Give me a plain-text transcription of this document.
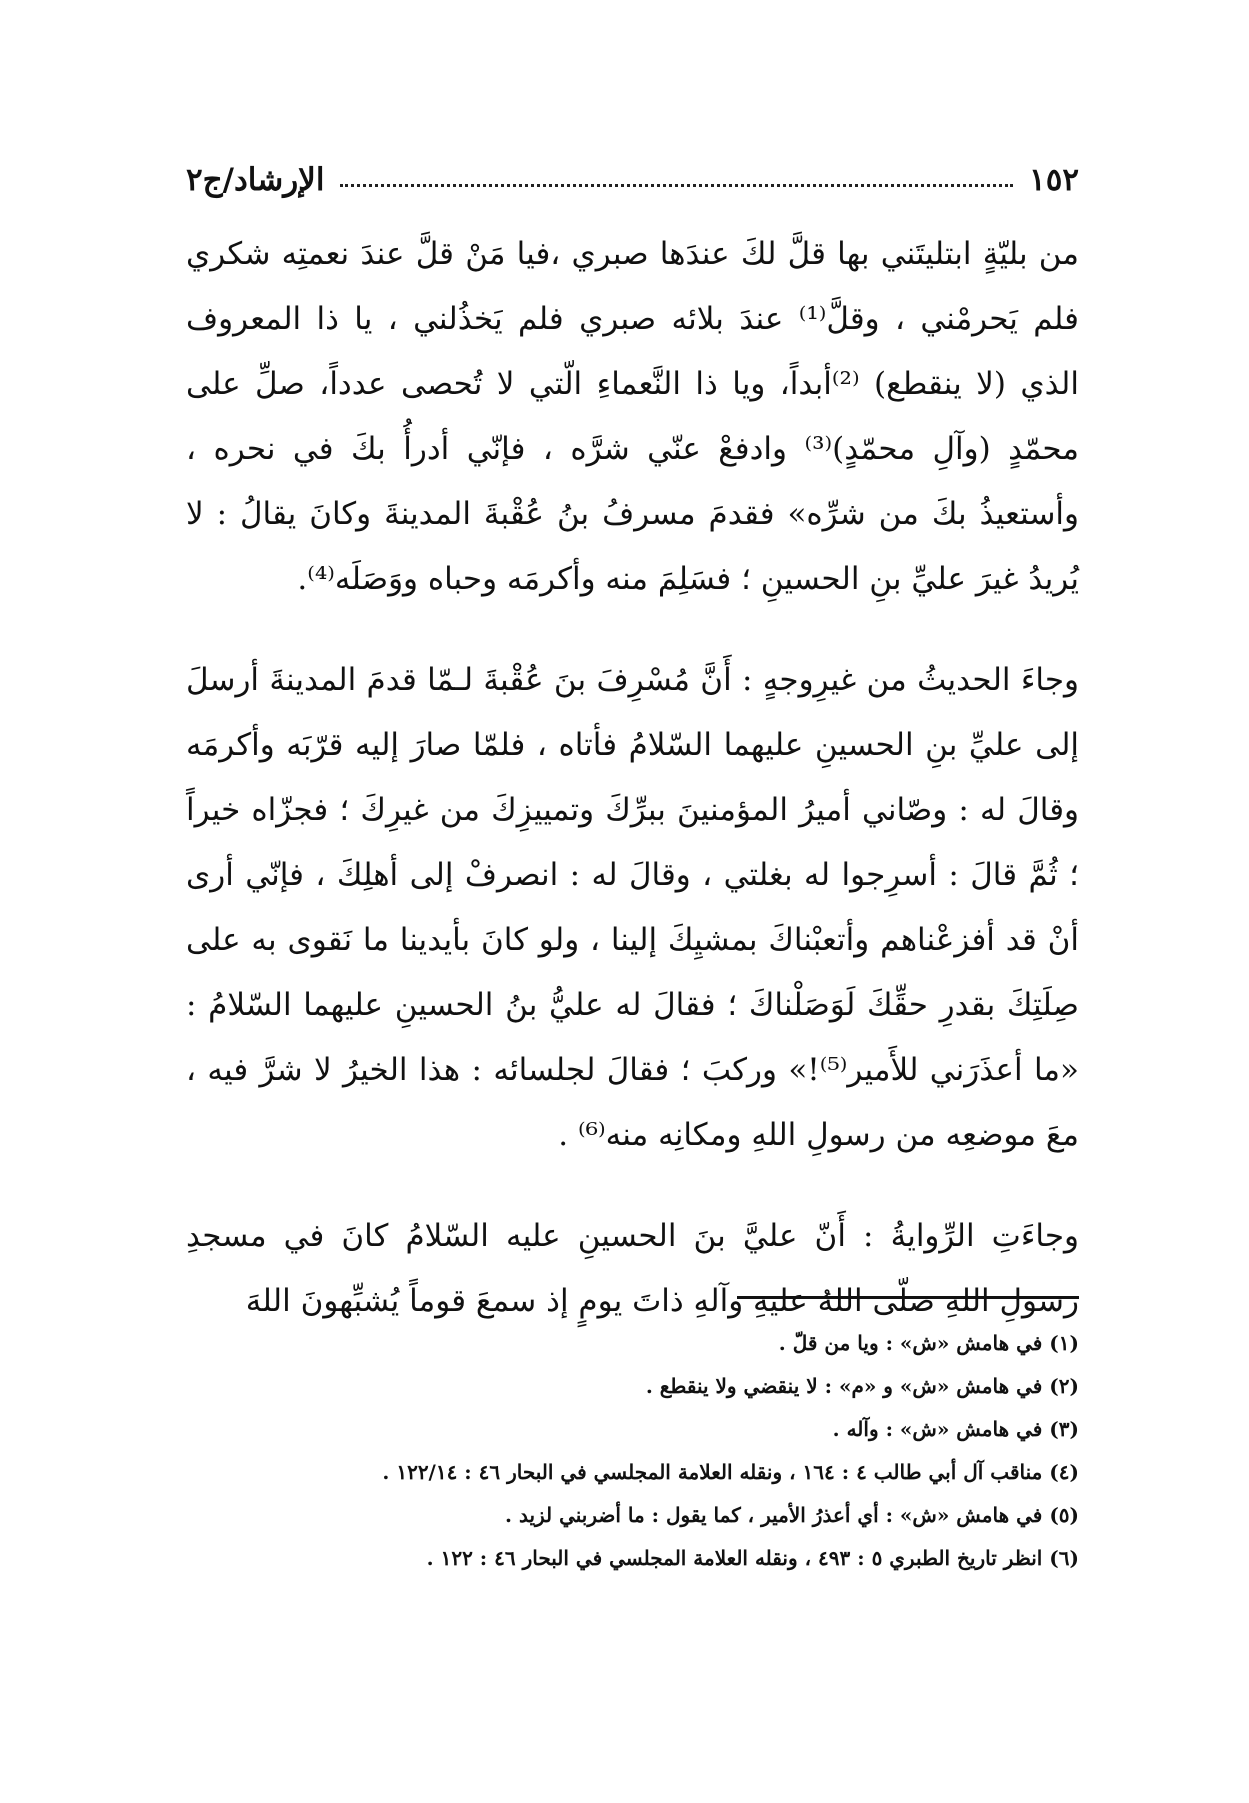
الإرشاد/ج٢	١٥٢

من بليّةٍ ابتليتَني بها قلَّ لكَ عندَها صبري ،فيا مَنْ قلَّ عندَ نعمتِه شكري فلم يَحرمْني ، وقلَّ⁽¹⁾ عندَ بلائه صبري فلم يَخذُلني ، يا ذا المعروف الذي (لا ينقطع) ⁽²⁾أبداً، ويا ذا النَّعماءِ الّتي لا تُحصى عدداً، صلِّ على محمّدٍ (وآلِ محمّدٍ)⁽³⁾ وادفعْ عنّي شرَّه ، فإنّي أدرأُ بكَ في نحره ، وأستعيذُ بكَ من شرِّه» فقدمَ مسرفُ بنُ عُقْبةَ المدينةَ وكانَ يقالُ : لا يُريدُ غيرَ عليِّ بنِ الحسينِ ؛ فسَلِمَ منه وأكرمَه وحباه ووَصَلَه⁽⁴⁾.

وجاءَ الحديثُ من غيرِوجهٍ : أَنَّ مُسْرِفَ بنَ عُقْبةَ لـمّا قدمَ المدينةَ أرسلَ إلى عليِّ بنِ الحسينِ عليهما السّلامُ فأتاه ، فلمّا صارَ إليه قرّبَه وأكرمَه وقالَ له : وصّاني أميرُ المؤمنينَ ببرِّكَ وتمييزِكَ من غيرِكَ ؛ فجزّاه خيراً ؛ ثُمَّ قالَ : أسرِجوا له بغلتي ، وقالَ له : انصرفْ إلى أهلِكَ ، فإنّي أرى أنْ قد أفزعْناهم وأتعبْناكَ بمشيِكَ إلينا ، ولو كانَ بأيدينا ما نَقوى به على صِلَتِكَ بقدرِ حقِّكَ لَوَصَلْناكَ ؛ فقالَ له عليُّ بنُ الحسينِ عليهما السّلامُ : «ما أعذَرَني للأَمير⁽⁵⁾!» وركبَ ؛ فقالَ لجلسائه : هذا الخيرُ لا شرَّ فيه ، معَ موضعِه من رسولِ اللهِ ومكانِه منه⁽⁶⁾ .

وجاءَتِ الرِّوايةُ : أَنّ عليَّ بنَ الحسينِ عليه السّلامُ كانَ في مسجدِ رسولِ اللهِ صلّى اللهُ عليهِ وآلهِ ذاتَ يومٍ إذ سمعَ قوماً يُشبِّهونَ اللهَ

(١) في هامش «ش» : ويا من قلّ .

(٢) في هامش «ش» و «م» : لا ينقضي ولا ينقطع .

(٣) في هامش «ش» : وآله .

(٤) مناقب آل أبي طالب ٤ : ١٦٤ ، ونقله العلامة المجلسي في البحار ٤٦ : ١٢٢/١٤ .

(٥) في هامش «ش» : أي أعذرُ الأمير ، كما يقول : ما أضربني لزيد .

(٦) انظر تاريخ الطبري ٥ : ٤٩٣ ، ونقله العلامة المجلسي في البحار ٤٦ : ١٢٢ .
